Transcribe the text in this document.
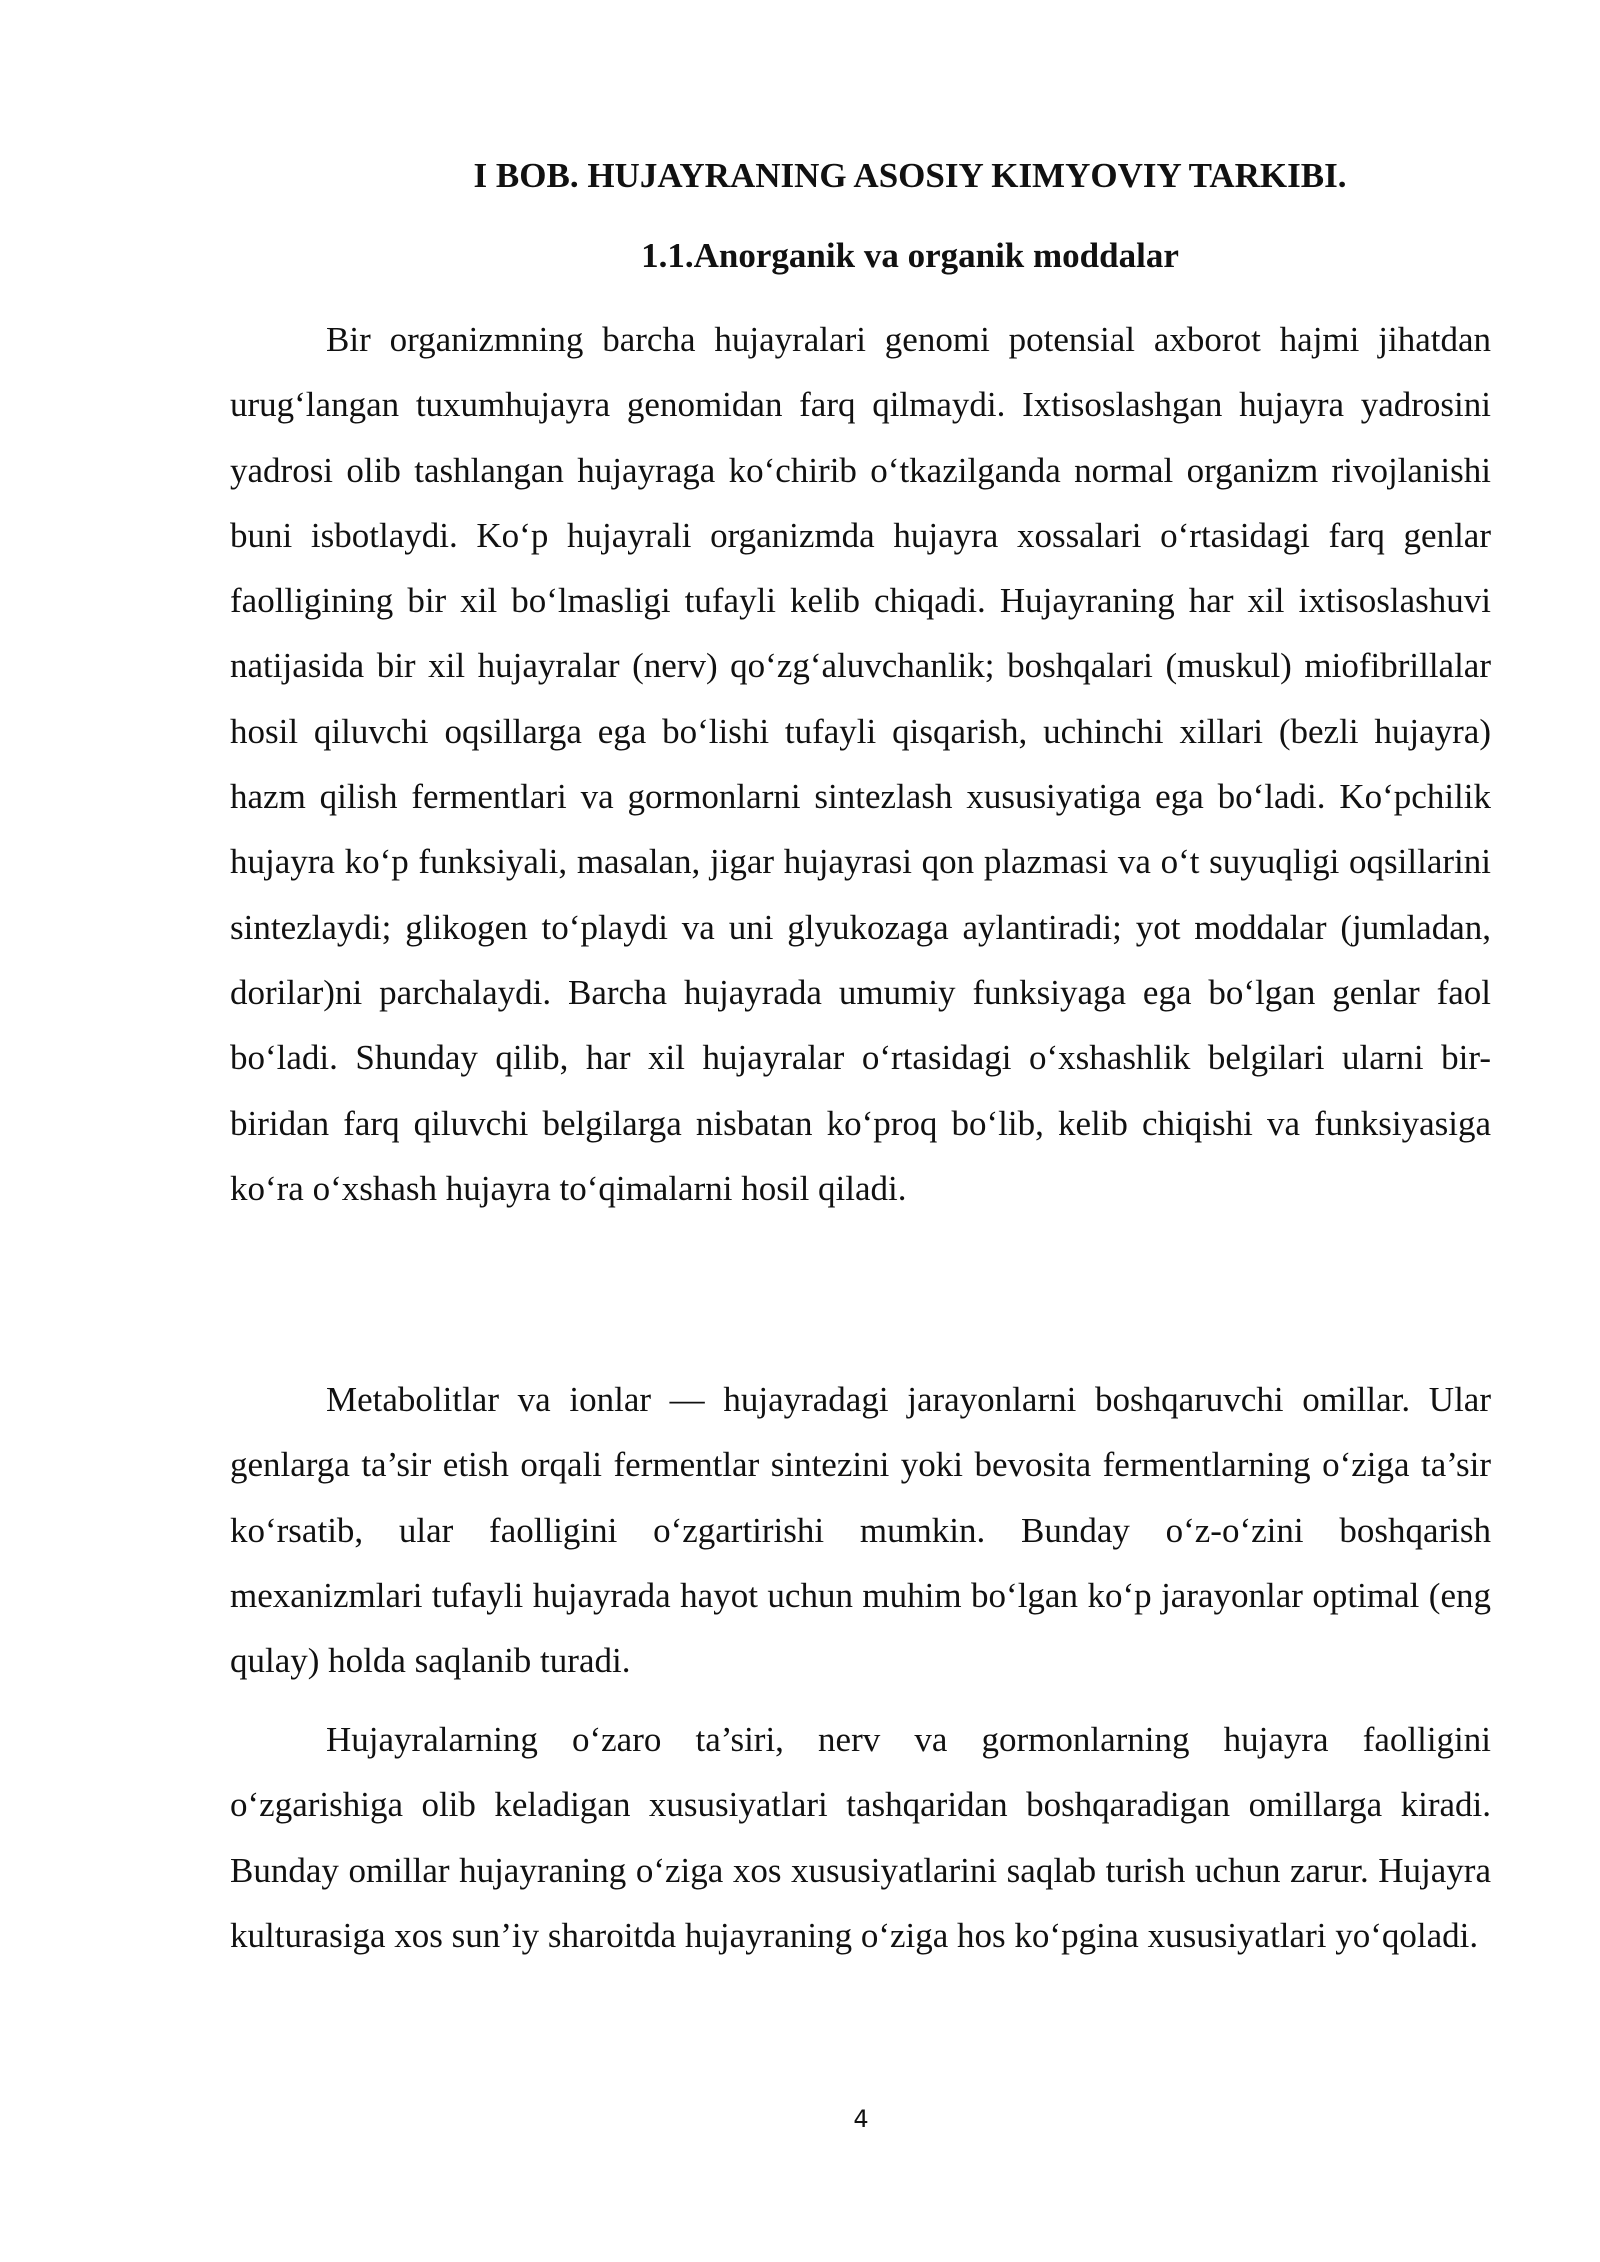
I BOB. HUJAYRANING ASOSIY KIMYOVIY TARKIBI.
1.1.Anorganik va organik moddalar

Bir organizmning barcha hujayralari genomi potensial axborot hajmi jihatdan urug‘langan tuxumhujayra genomidan farq qilmaydi. Ixtisoslashgan hujayra yadrosini yadrosi olib tashlangan hujayraga ko‘chirib o‘tkazilganda normal organizm rivojlanishi buni isbotlaydi. Ko‘p hujayrali organizmda hujayra xossalari o‘rtasidagi farq genlar faolligining bir xil bo‘lmasligi tufayli kelib chiqadi. Hujayraning har xil ixtisoslashuvi natijasida bir xil hujayralar (nerv) qo‘zg‘aluvchanlik; boshqalari (muskul) miofibrillalar hosil qiluvchi oqsillarga ega bo‘lishi tufayli qisqarish, uchinchi xillari (bezli hujayra) hazm qilish fermentlari va gormonlarni sintezlash xususiyatiga ega bo‘ladi. Ko‘pchilik hujayra ko‘p funksiyali, masalan, jigar hujayrasi qon plazmasi va o‘t suyuqligi oqsillarini sintezlaydi; glikogen to‘playdi va uni glyukozaga aylantiradi; yot moddalar (jumladan, dorilar)ni parchalaydi. Barcha hujayrada umumiy funksiyaga ega bo‘lgan genlar faol bo‘ladi. Shunday qilib, har xil hujayralar o‘rtasidagi o‘xshashlik belgilari ularni bir-biridan farq qiluvchi belgilarga nisbatan ko‘proq bo‘lib, kelib chiqishi va funksiyasiga ko‘ra o‘xshash hujayra to‘qimalarni hosil qiladi.

Metabolitlar va ionlar — hujayradagi jarayonlarni boshqaruvchi omillar. Ular genlarga ta’sir etish orqali fermentlar sintezini yoki bevosita fermentlarning o‘ziga ta’sir ko‘rsatib, ular faolligini o‘zgartirishi mumkin. Bunday o‘z-o‘zini boshqarish mexanizmlari tufayli hujayrada hayot uchun muhim bo‘lgan ko‘p jarayonlar optimal (eng qulay) holda saqlanib turadi.

Hujayralarning o‘zaro ta’siri, nerv va gormonlarning hujayra faolligini o‘zgarishiga olib keladigan xususiyatlari tashqaridan boshqaradigan omillarga kiradi. Bunday omillar hujayraning o‘ziga xos xususiyatlarini saqlab turish uchun zarur. Hujayra kulturasiga xos sun’iy sharoitda hujayraning o‘ziga hos ko‘pgina xususiyatlari yo‘qoladi.

4
